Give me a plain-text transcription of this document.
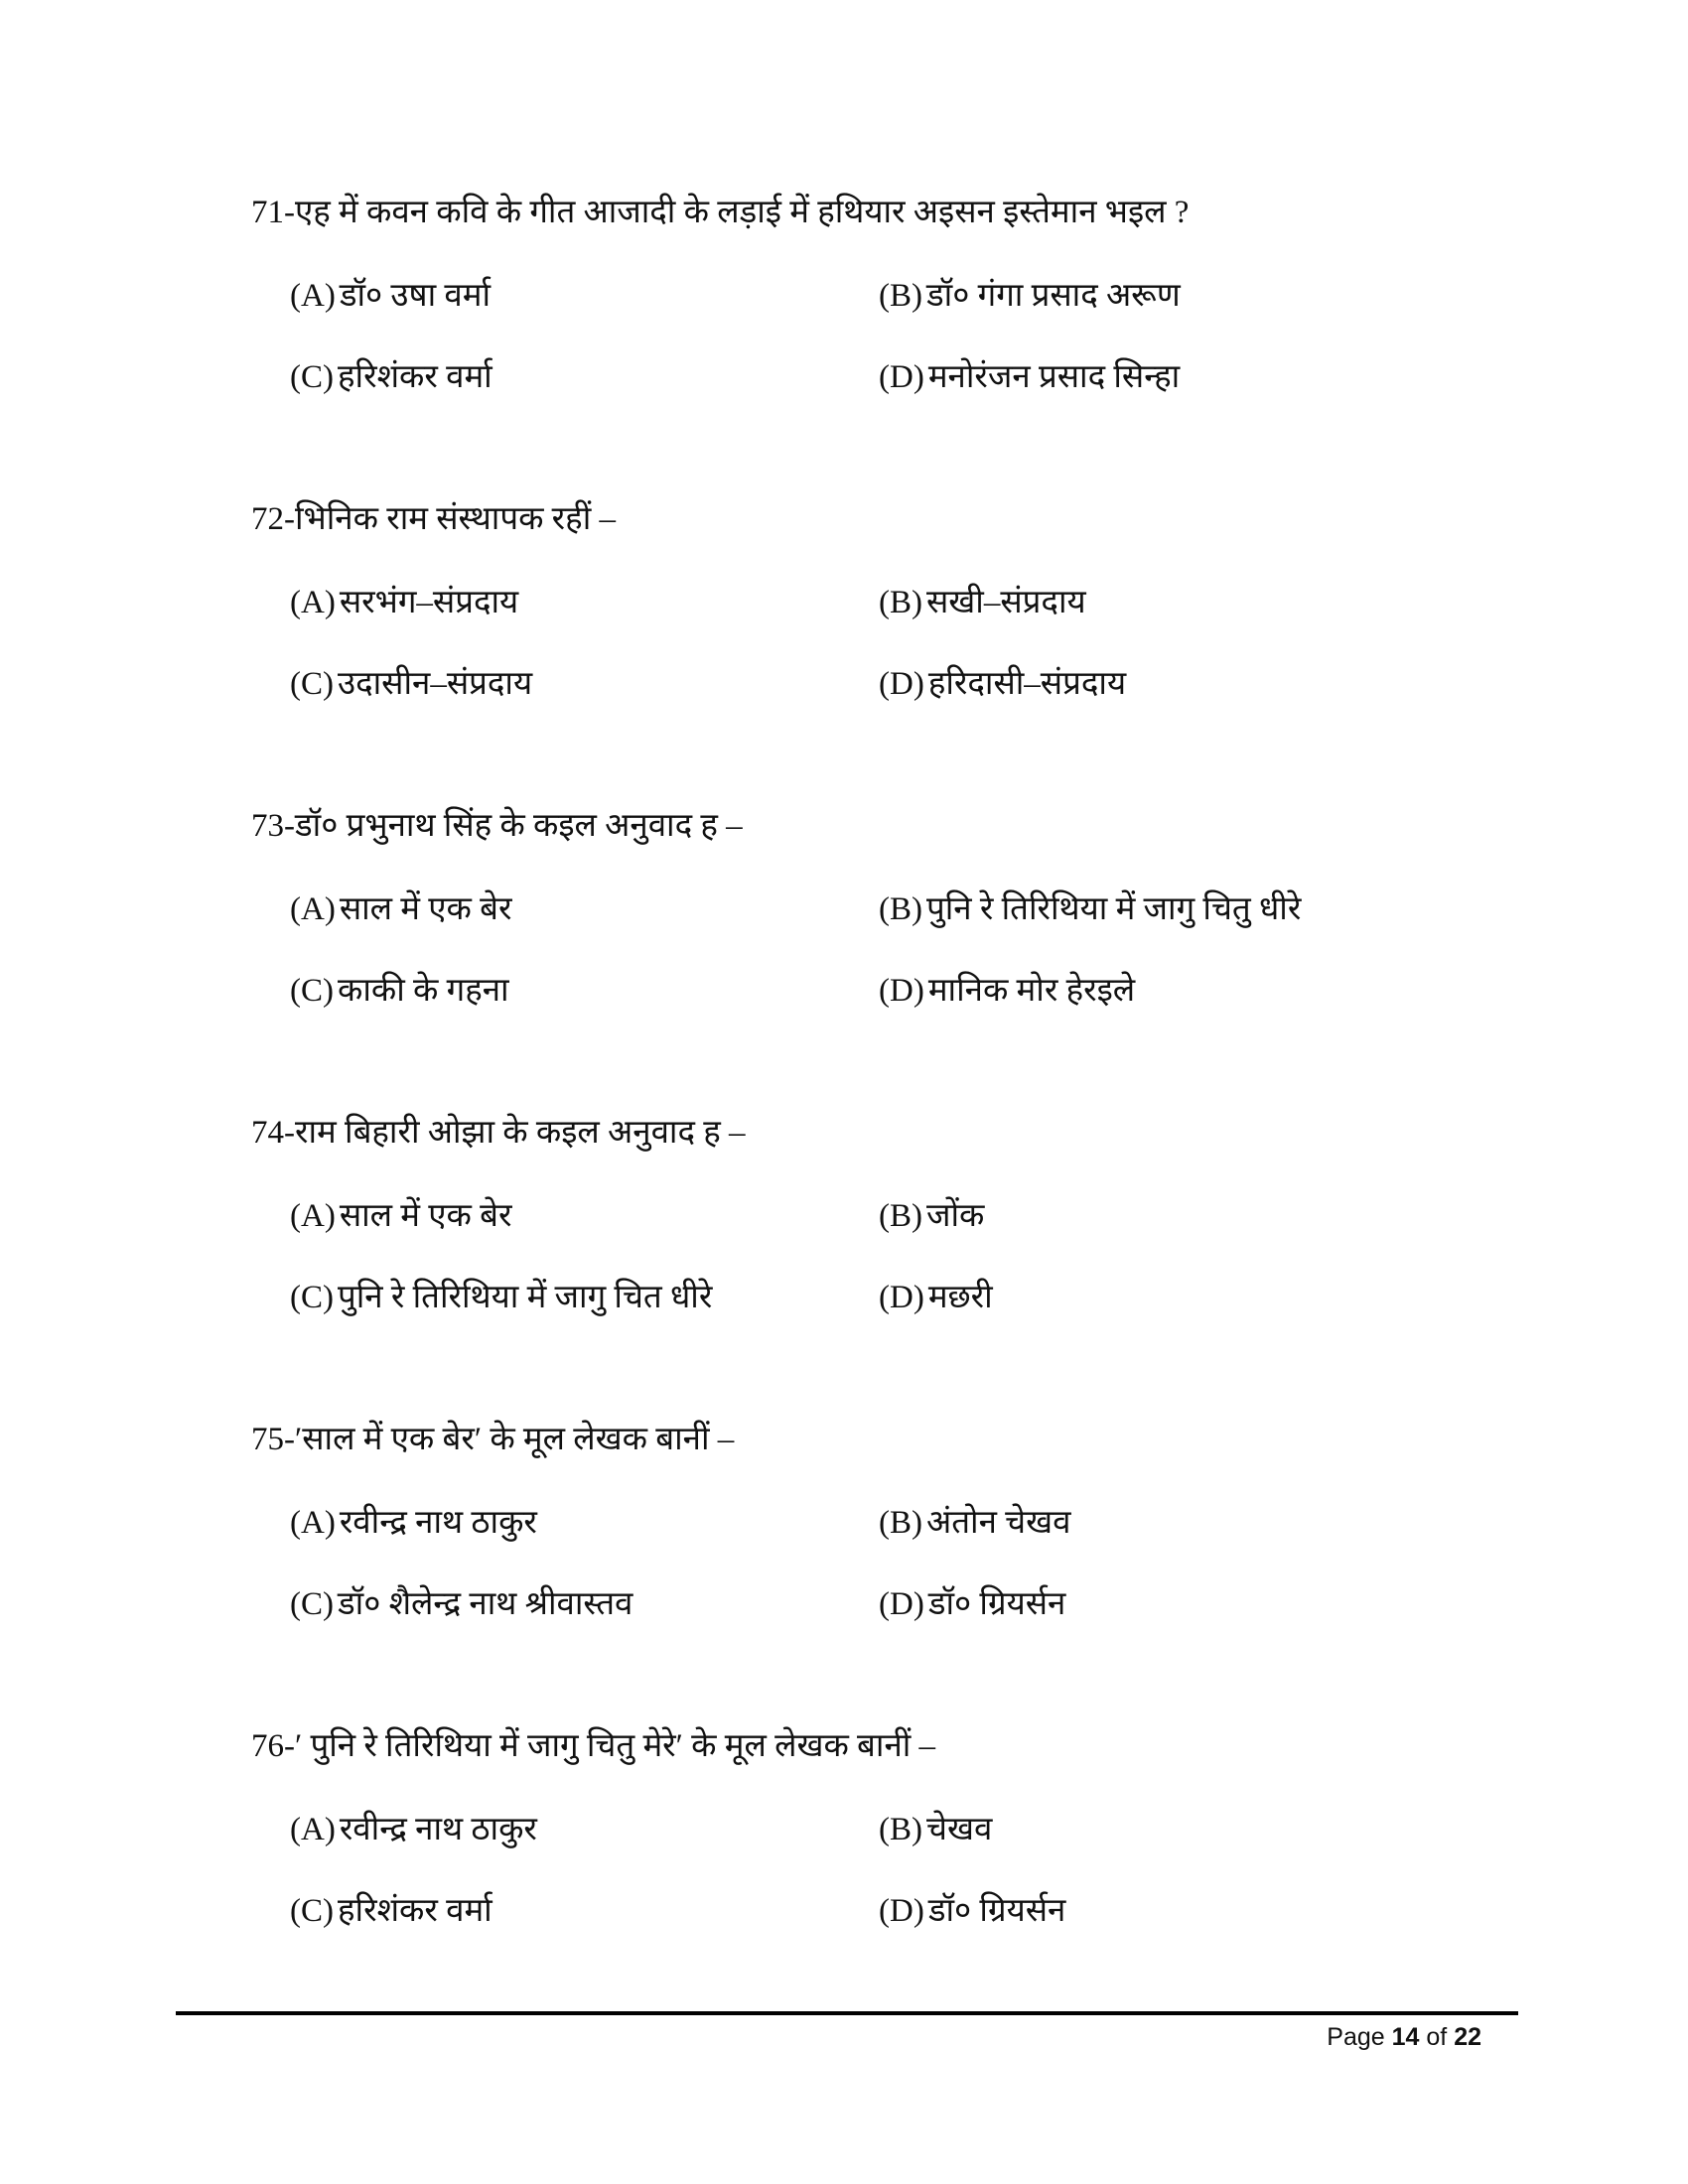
71-एह में कवन कवि के गीत आजादी के लड़ाई में हथियार अइसन इस्तेमान भइल ?
(A) डॉ० उषा वर्मा	(B) डॉ० गंगा प्रसाद अरूण
(C) हरिशंकर वर्मा	(D) मनोरंजन प्रसाद सिन्हा
72-भिनिक राम संस्थापक रहीं –
(A) सरभंग–संप्रदाय	(B) सखी–संप्रदाय
(C) उदासीन–संप्रदाय	(D) हरिदासी–संप्रदाय
73-डॉ० प्रभुनाथ सिंह के कइल अनुवाद ह –
(A) साल में एक बेर	(B) पुनि रे तिरिथिया में जागु चितु धीरे
(C) काकी के गहना	(D) मानिक मोर हेरइले
74-राम बिहारी ओझा के कइल अनुवाद ह –
(A) साल में एक बेर	(B) जोंक
(C) पुनि रे तिरिथिया में जागु चित धीरे	(D) मछरी
75-′साल में एक बेर′ के मूल लेखक बानीं –
(A) रवीन्द्र नाथ ठाकुर	(B) अंतोन चेखव
(C) डॉ० शैलेन्द्र नाथ श्रीवास्तव	(D) डॉ० ग्रियर्सन
76-′ पुनि रे तिरिथिया में जागु चितु मेरे′ के मूल लेखक बानीं –
(A) रवीन्द्र नाथ ठाकुर	(B) चेखव
(C) हरिशंकर वर्मा	(D) डॉ० ग्रियर्सन
Page 14 of 22
